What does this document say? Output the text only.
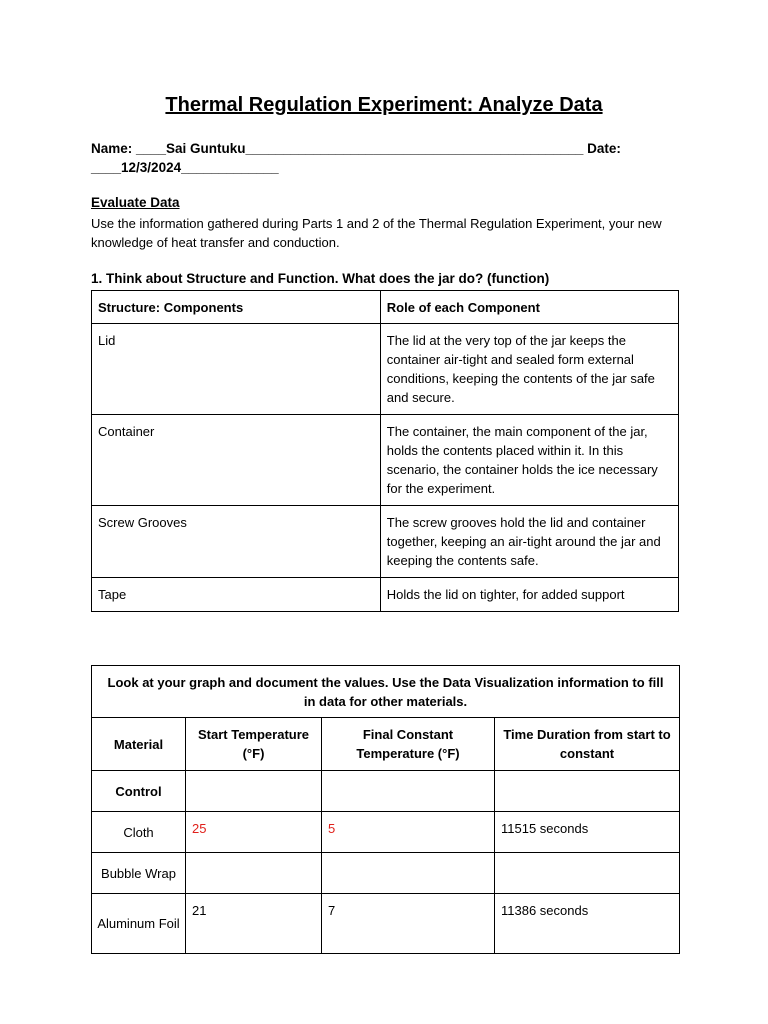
Thermal Regulation Experiment: Analyze Data
Name: ____Sai Guntuku_____________________________________________ Date: ____12/3/2024_____________
Evaluate Data
Use the information gathered during Parts 1 and 2 of the Thermal Regulation Experiment, your new knowledge of heat transfer and conduction.
1. Think about Structure and Function. What does the jar do? (function)
Structure: Components	Role of each Component
Lid	The lid at the very top of the jar keeps the container air-tight and sealed form external conditions, keeping the contents of the jar safe and secure.
Container	The container, the main component of the jar, holds the contents placed within it. In this scenario, the container holds the ice necessary for the experiment.
Screw Grooves	The screw grooves hold the lid and container together, keeping an air-tight around the jar and keeping the contents safe.
Tape	Holds the lid on tighter, for added support
Look at your graph and document the values. Use the Data Visualization information to fill in data for other materials.			
Material	Start Temperature (°F)	Final Constant Temperature (°F)	Time Duration from start to constant
Control			
Cloth	25	5	11515 seconds
Bubble Wrap			
Aluminum Foil	21	7	11386 seconds
